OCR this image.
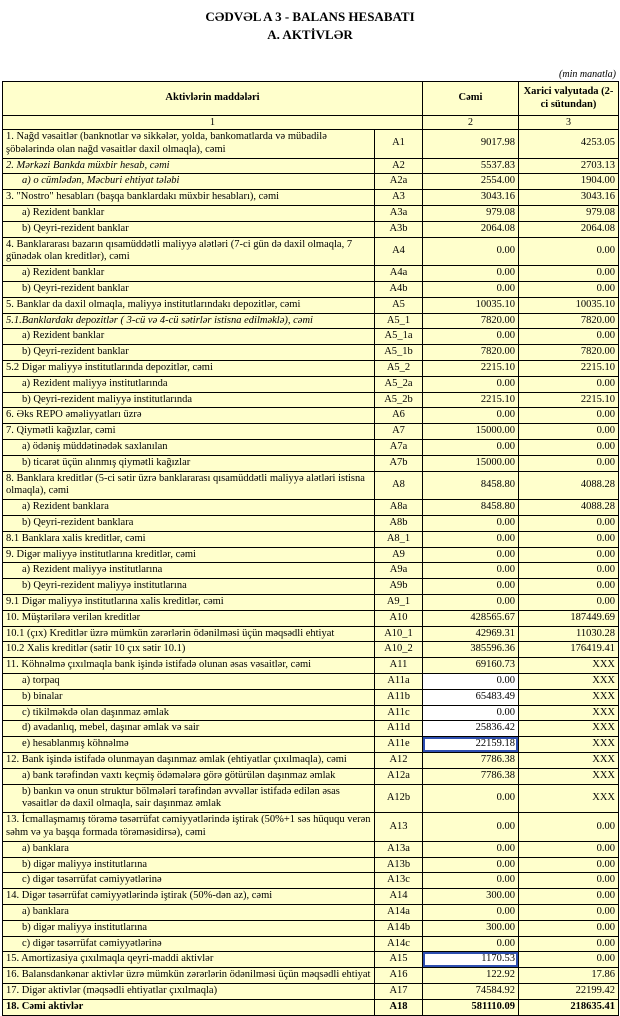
CƏDVƏL A 3 - BALANS HESABATI
A. AKTİVLƏR
(min manatla)
Aktivlərin maddələri		Cəmi	Xarici valyutada (2-ci sütundan)
1		2	3
1. Nağd vəsaitlər (banknotlar və sikkələr, yolda, bankomatlarda və mübadilə şöbələrində olan nağd vəsaitlər daxil olmaqla), cəmi	A1	9017.98	4253.05
2. Mərkəzi Bankda müxbir hesab, cəmi	A2	5537.83	2703.13
a) o cümlədən, Məcburi ehtiyat tələbi	A2a	2554.00	1904.00
3. "Nostro" hesabları (başqa banklardakı müxbir hesabları), cəmi	A3	3043.16	3043.16
a) Rezident banklar	A3a	979.08	979.08
b) Qeyri-rezident banklar	A3b	2064.08	2064.08
4. Banklararası bazarın qısamüddətli maliyyə alətləri (7-ci gün də daxil olmaqla, 7 günədək olan kreditlər), cəmi	A4	0.00	0.00
a) Rezident banklar	A4a	0.00	0.00
b) Qeyri-rezident banklar	A4b	0.00	0.00
5. Banklar da daxil olmaqla, maliyyə institutlarındakı depozitlər, cəmi	A5	10035.10	10035.10
5.1.Banklardakı depozitlər ( 3-cü və 4-cü sətirlər istisna edilməklə), cəmi	A5_1	7820.00	7820.00
a) Rezident banklar	A5_1a	0.00	0.00
b) Qeyri-rezident banklar	A5_1b	7820.00	7820.00
5.2 Digər maliyyə institutlarında depozitlər, cəmi	A5_2	2215.10	2215.10
a) Rezident maliyyə institutlarında	A5_2a	0.00	0.00
b) Qeyri-rezident maliyyə institutlarında	A5_2b	2215.10	2215.10
6. Əks REPO əməliyyatları üzrə	A6	0.00	0.00
7. Qiymətli kağızlar, cəmi	A7	15000.00	0.00
a) ödəniş müddətinədək saxlanılan	A7a	0.00	0.00
b) ticarət üçün alınmış qiymətli kağızlar	A7b	15000.00	0.00
8. Banklara kreditlər (5-ci sətir üzrə banklararası qısamüddətli maliyyə alətləri istisna olmaqla), cəmi	A8	8458.80	4088.28
a) Rezident banklara	A8a	8458.80	4088.28
b) Qeyri-rezident banklara	A8b	0.00	0.00
8.1 Banklara xalis kreditlər, cəmi	A8_1	0.00	0.00
9. Digər maliyyə institutlarına kreditlər, cəmi	A9	0.00	0.00
a) Rezident maliyyə institutlarına	A9a	0.00	0.00
b) Qeyri-rezident maliyyə institutlarına	A9b	0.00	0.00
9.1 Digər maliyyə institutlarına xalis kreditlər, cəmi	A9_1	0.00	0.00
10. Müştərilərə verilən kreditlər	A10	428565.67	187449.69
10.1 (çıx) Kreditlər üzrə mümkün zərərlərin ödənilməsi üçün məqsədli ehtiyat	A10_1	42969.31	11030.28
10.2 Xalis kreditlər (sətir 10 çıx sətir 10.1)	A10_2	385596.36	176419.41
11. Köhnəlmə çıxılmaqla bank işində istifadə olunan əsas vəsaitlər, cəmi	A11	69160.73	XXX
a) torpaq	A11a	0.00	XXX
b) binalar	A11b	65483.49	XXX
c) tikilməkdə olan daşınmaz əmlak	A11c	0.00	XXX
d) avadanlıq, mebel, daşınar əmlak və sair	A11d	25836.42	XXX
e) hesablanmış köhnəlmə	A11e	22159.18	XXX
12. Bank işində istifadə olunmayan daşınmaz əmlak (ehtiyatlar çıxılmaqla), cəmi	A12	7786.38	XXX
a) bank tərəfindən vaxtı keçmiş ödəmələrə görə götürülən daşınmaz əmlak	A12a	7786.38	XXX
b) bankın və onun struktur bölmələri tərəfindən əvvəllər istifadə edilən əsas vəsaitlər də daxil olmaqla, sair daşınmaz əmlak	A12b	0.00	XXX
13. İcmallaşmamış törəmə təsərrüfat cəmiyyətlərində iştirak (50%+1 səs hüququ verən səhm və ya başqa formada törəməsidirsə), cəmi	A13	0.00	0.00
a) banklara	A13a	0.00	0.00
b) digər maliyyə institutlarına	A13b	0.00	0.00
c) digər təsərrüfat cəmiyyətlərinə	A13c	0.00	0.00
14. Digər təsərrüfat cəmiyyətlərində iştirak (50%-dən az), cəmi	A14	300.00	0.00
a) banklara	A14a	0.00	0.00
b) digər maliyyə institutlarına	A14b	300.00	0.00
c) digər təsərrüfat cəmiyyətlərinə	A14c	0.00	0.00
15. Amortizasiya çıxılmaqla qeyri-maddi aktivlər	A15	1170.53	0.00
16. Balansdankənar aktivlər üzrə mümkün zərərlərin ödənilməsi üçün məqsədli ehtiyat	A16	122.92	17.86
17. Digər aktivlər (məqsədli ehtiyatlar çıxılmaqla)	A17	74584.92	22199.42
18. Cəmi aktivlər	A18	581110.09	218635.41
